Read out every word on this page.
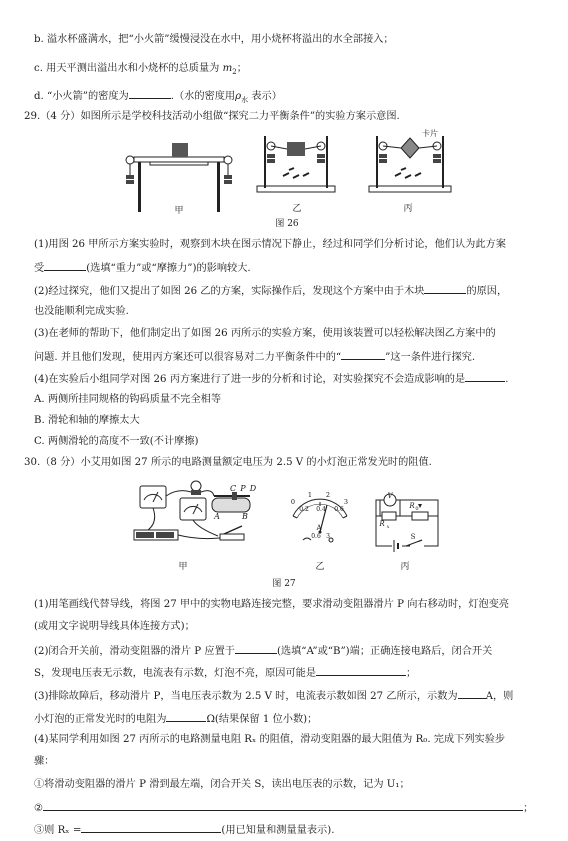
b. 溢水杯盛满水，把“小火箭”缓慢浸没在水中，用小烧杯将溢出的水全部接入；
c. 用天平测出溢出水和小烧杯的总质量为 $m_2$；
d. “小火箭”的密度为	.（水的密度用$\rho_水$ 表示）
29.（4 分）如图所示是学校科技活动小组做“探究二力平衡条件”的实验方案示意图.
甲	乙
卡片
丙
图 26
(1)用图 26 甲所示方案实验时，观察到木块在图示情况下静止，经过和同学们分析讨论，他们认为此方案
受	(选填“重力”或“摩擦力”)的影响较大.
(2)经过探究，他们又提出了如图 26 乙的方案，实际操作后，发现这个方案中由于木块	的原因，
也没能顺利完成实验.
(3)在老师的帮助下，他们制定出了如图 26 丙所示的实验方案，使用该装置可以轻松解决图乙方案中的
问题. 并且他们发现，使用丙方案还可以很容易对二力平衡条件中的“	”这一条件进行探究.
(4)在实验后小组同学对图 26 丙方案进行了进一步的分析和讨论，对实验探究不会造成影响的是	.
A. 两侧所挂同规格的钩码质量不完全相等
B. 滑轮和轴的摩擦太大
C. 两侧滑轮的高度不一致(不计摩擦)
30.（8 分）小艾用如图 27 所示的电路测量额定电压为 2.5 V 的小灯泡正常发光时的阻值.
C P D
A	B
甲
0
1 2
3
0.2 0.4 0.6
A
0.6 3
乙
V
R x
R 0
S
丙
图 27
(1)用笔画线代替导线，将图 27 甲中的实物电路连接完整，要求滑动变阻器滑片 P 向右移动时，灯泡变亮
(或用文字说明导线具体连接方式)；
(2)闭合开关前，滑动变阻器的滑片 P 应置于	(选填“A”或“B”)端；正确连接电路后，闭合开关
S，发现电压表无示数，电流表有示数，灯泡不亮，原因可能是	；
(3)排除故障后，移动滑片 P，当电压表示数为 2.5 V 时，电流表示数如图 27 乙所示，示数为	A，则
小灯泡的正常发光时的电阻为	Ω(结果保留 1 位小数)；
(4)某同学利用如图 27 丙所示的电路测量电阻 Rₓ 的阻值，滑动变阻器的最大阻值为 R₀. 完成下列实验步
骤：
①将滑动变阻器的滑片 P 滑到最左端，闭合开关 S，读出电压表的示数，记为 U₁；
②	；
③则 Rₓ =	(用已知量和测量量表示).
